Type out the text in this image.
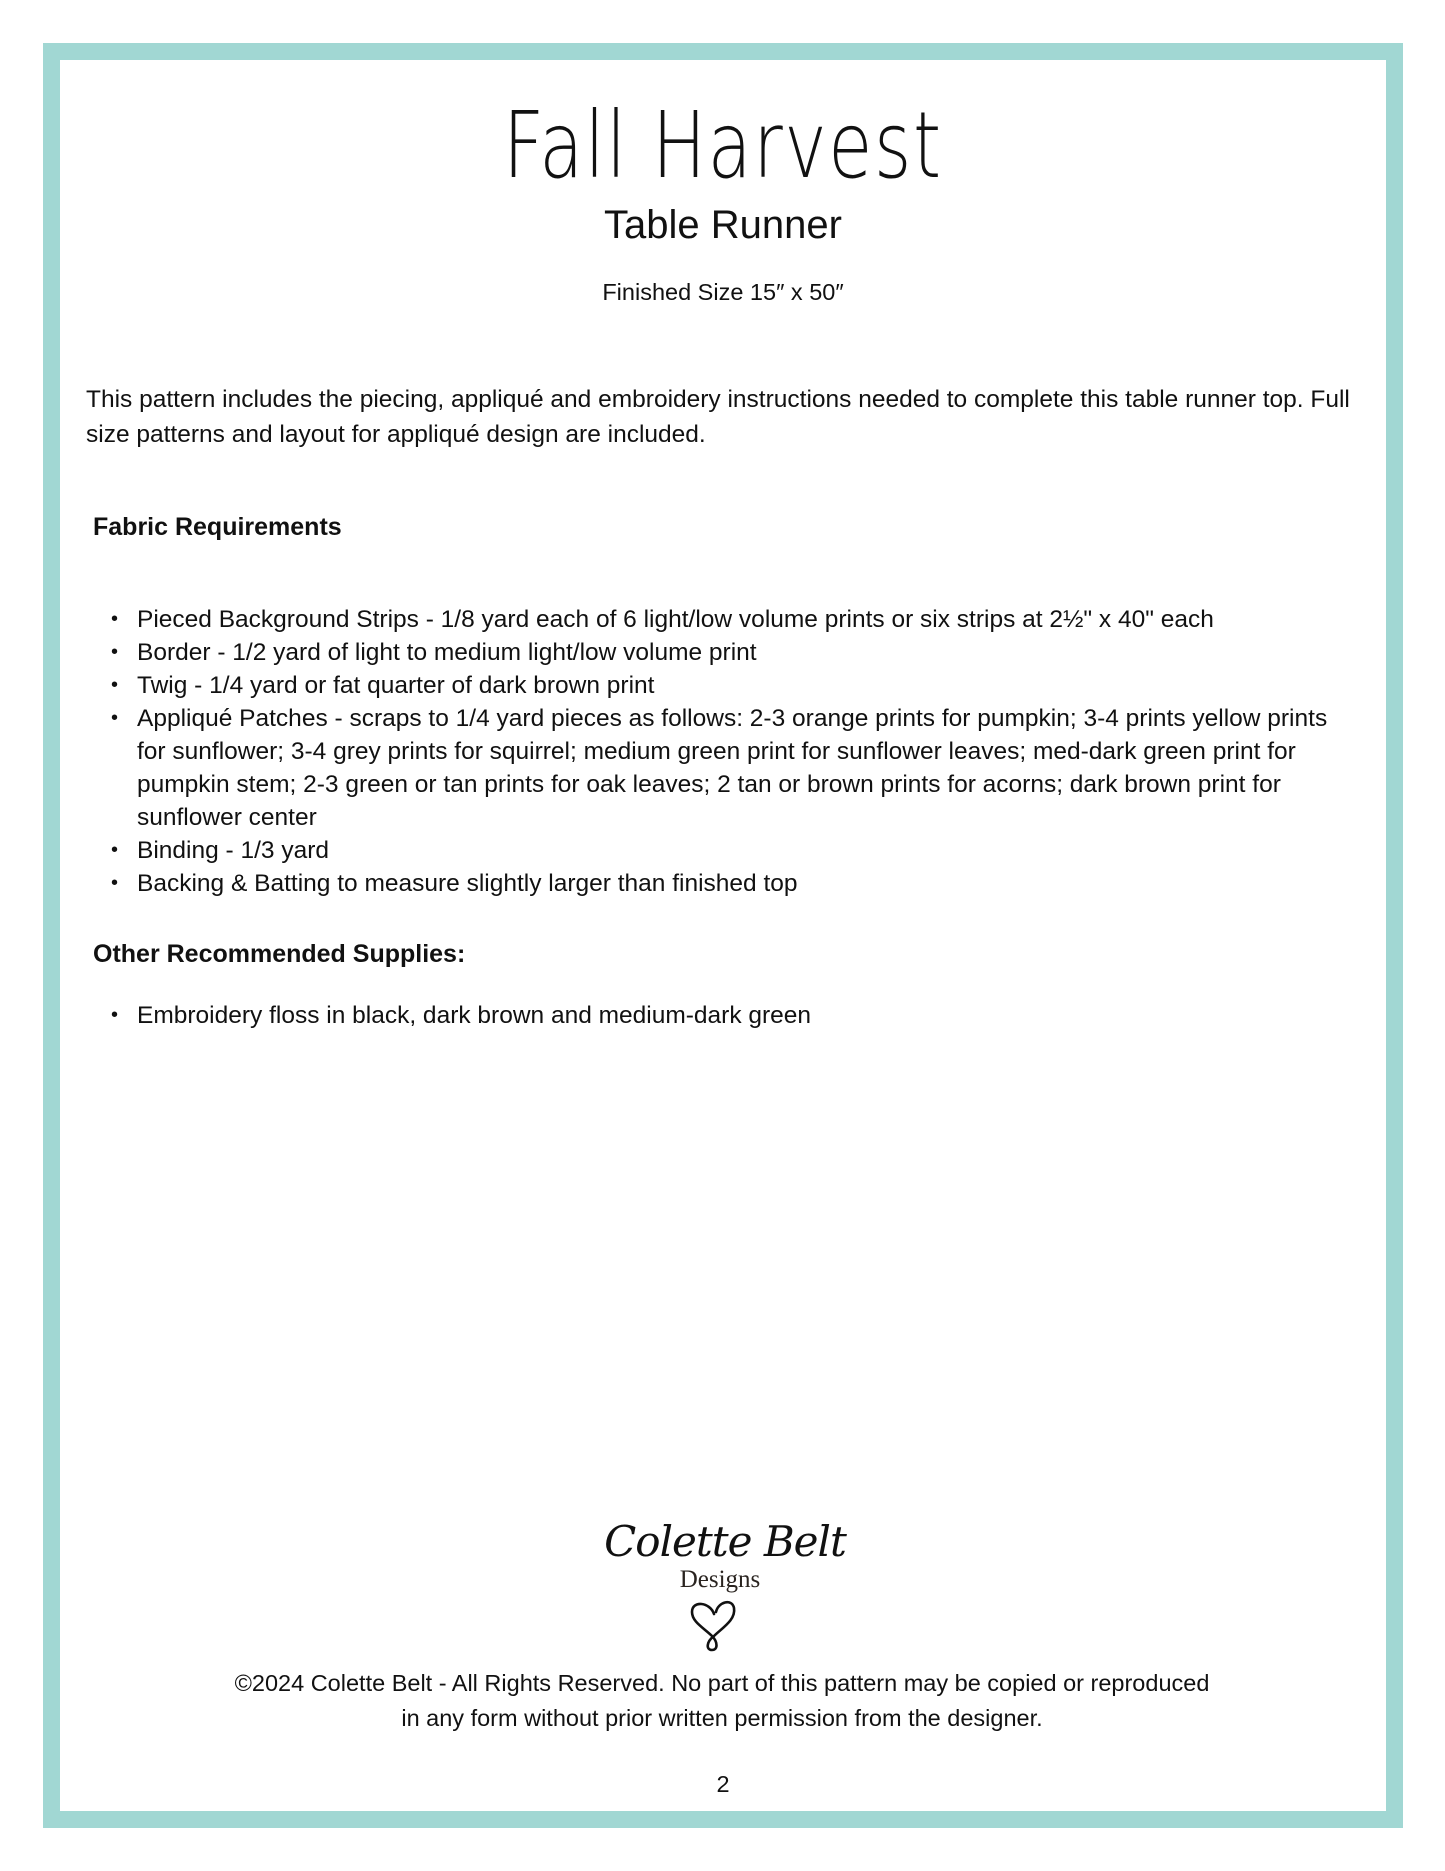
Fall Harvest
Table Runner
Finished Size 15″ x 50″
This pattern includes the piecing, appliqué and embroidery instructions needed to complete this table runner top. Full size patterns and layout for appliqué design are included.
Fabric Requirements
• Pieced Background Strips - 1/8 yard each of 6 light/low volume prints or six strips at 2½" x 40" each
• Border - 1/2 yard of light to medium light/low volume print
• Twig - 1/4 yard or fat quarter of dark brown print
• Appliqué Patches - scraps to 1/4 yard pieces as follows: 2-3 orange prints for pumpkin; 3-4 prints yellow prints for sunflower; 3-4 grey prints for squirrel; medium green print for sunflower leaves; med-dark green print for pumpkin stem; 2-3 green or tan prints for oak leaves; 2 tan or brown prints for acorns; dark brown print for sunflower center
• Binding - 1/3 yard
• Backing & Batting to measure slightly larger than finished top
Other Recommended Supplies:
• Embroidery floss in black, dark brown and medium-dark green
Colette Belt
Designs
©2024 Colette Belt - All Rights Reserved. No part of this pattern may be copied or reproduced in any form without prior written permission from the designer.
2
